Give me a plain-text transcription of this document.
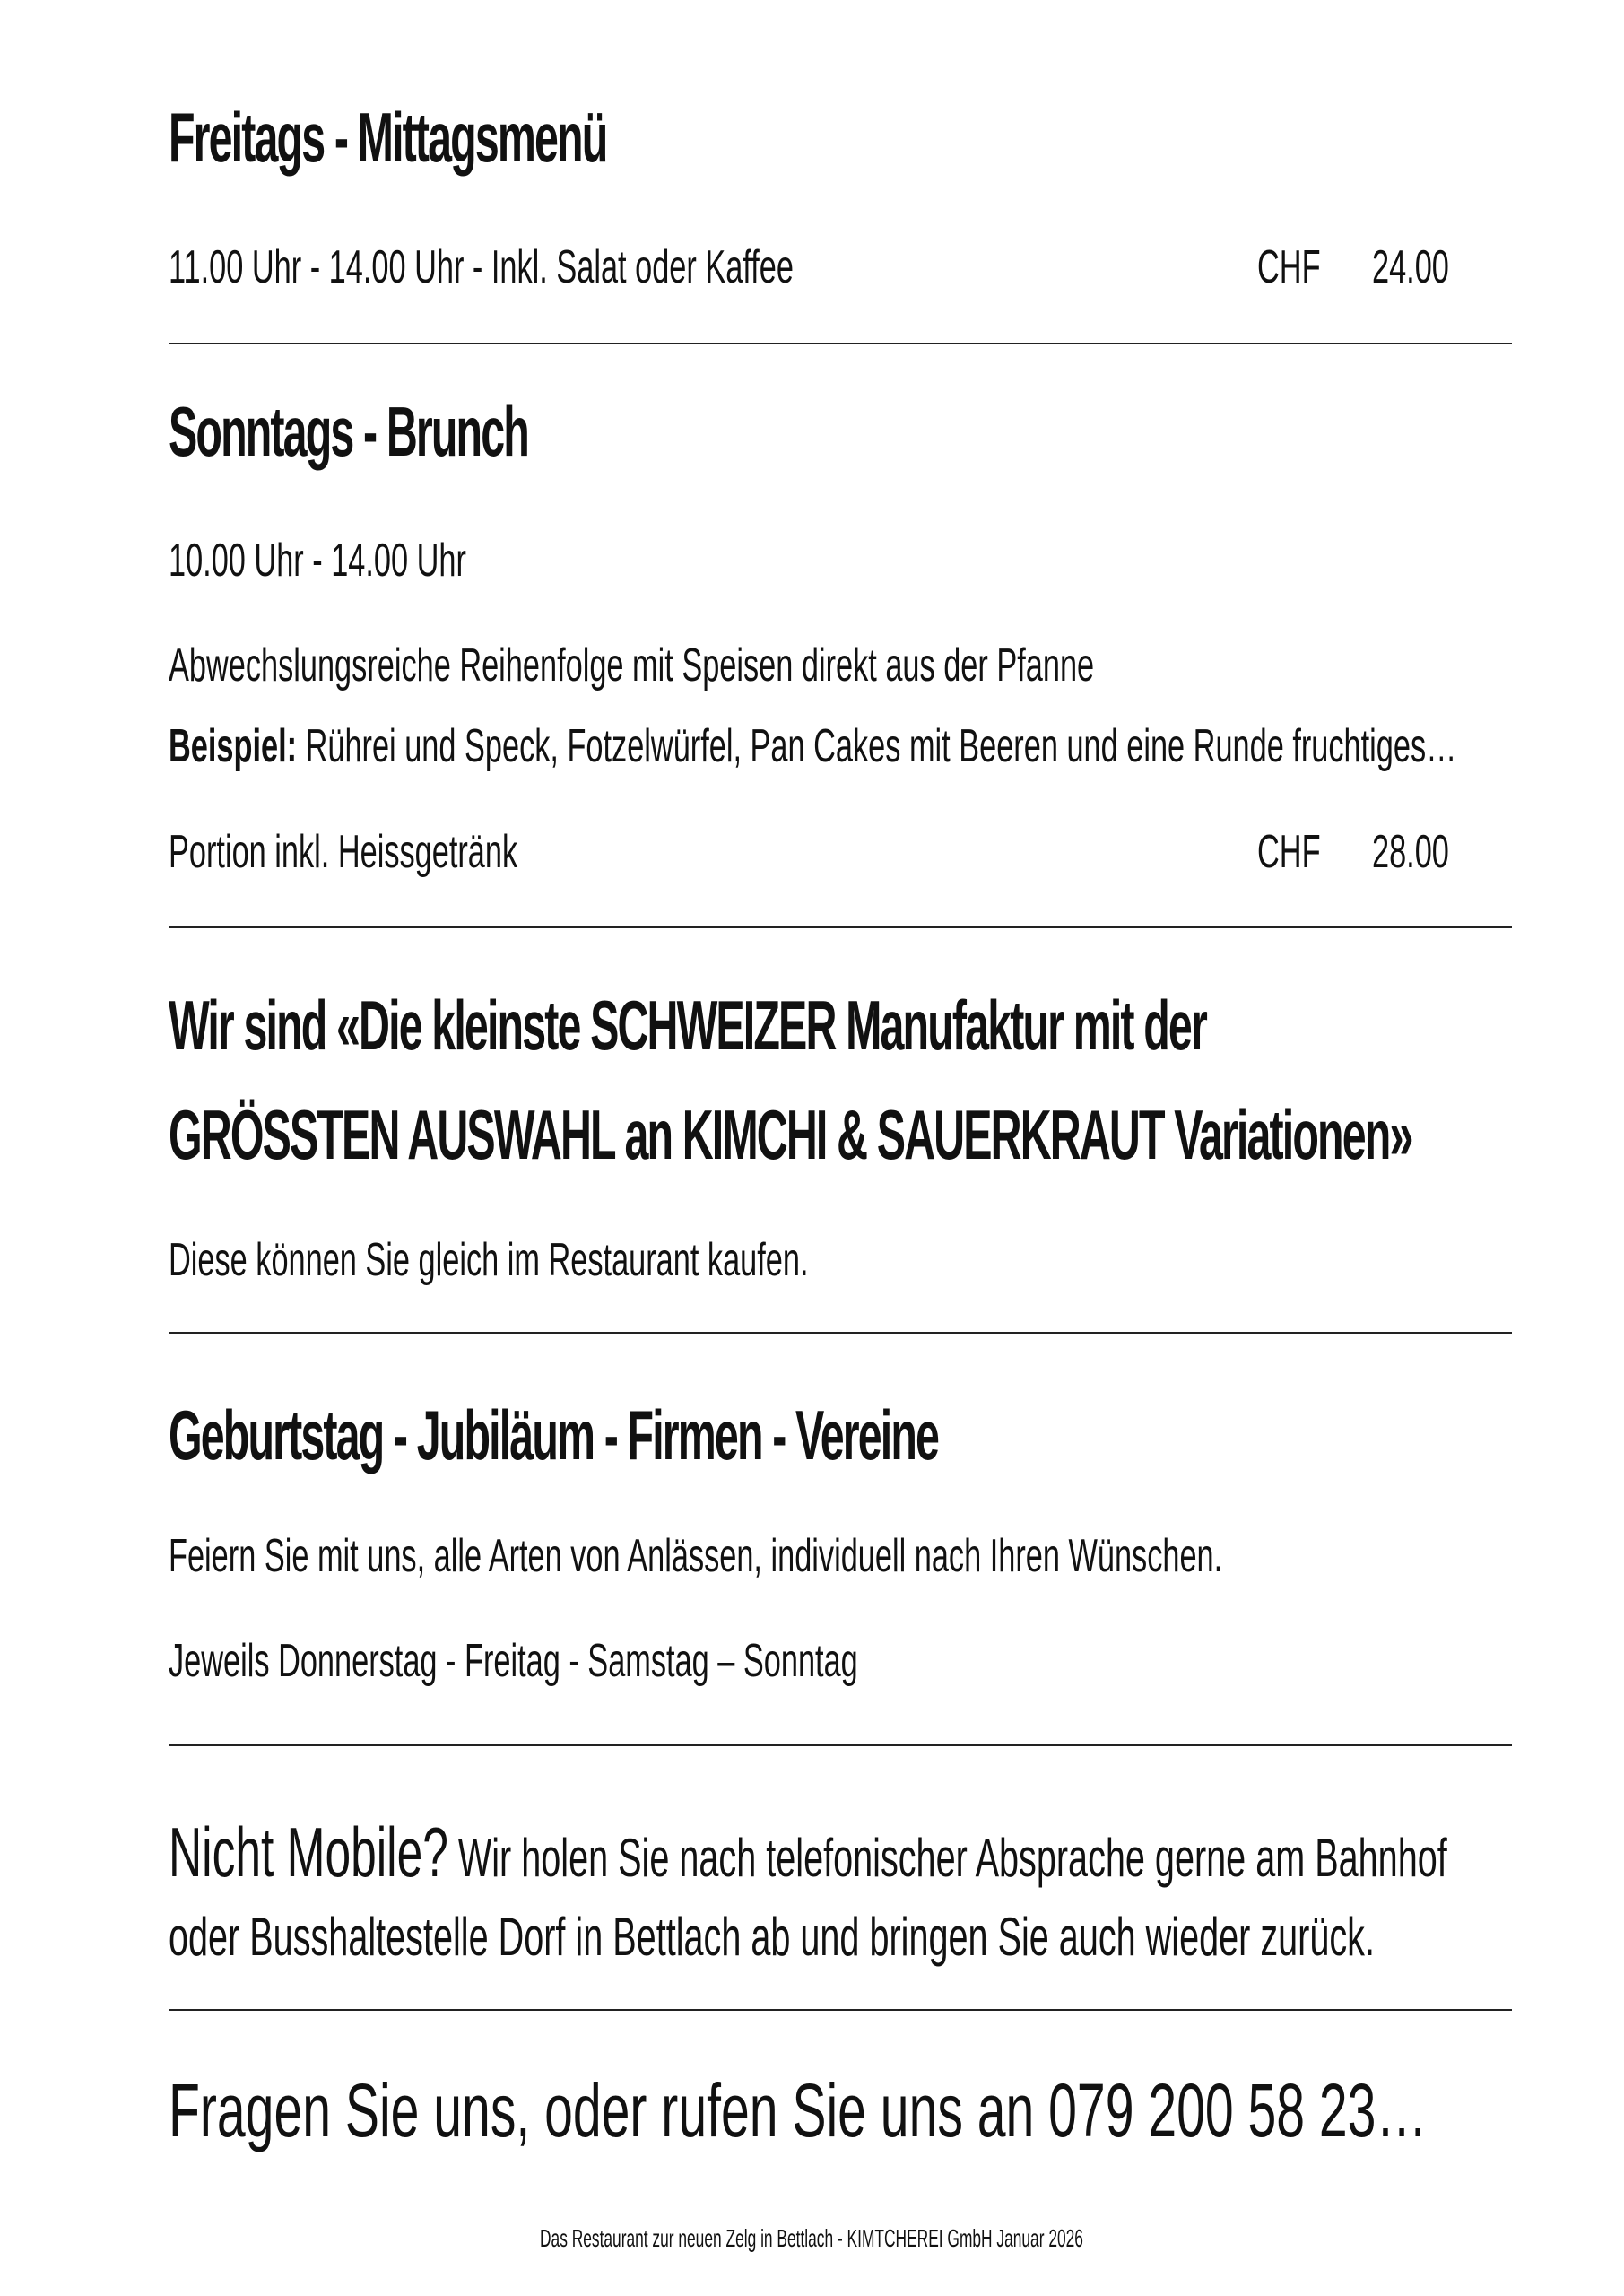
Freitags - Mittagsmenü
11.00 Uhr - 14.00 Uhr - Inkl. Salat oder Kaffee	CHF	24.00
Sonntags - Brunch
10.00 Uhr - 14.00 Uhr
Abwechslungsreiche Reihenfolge mit Speisen direkt aus der Pfanne
Beispiel: Rührei und Speck, Fotzelwürfel, Pan Cakes mit Beeren und eine Runde fruchtiges…
Portion inkl. Heissgetränk	CHF	28.00
Wir sind «Die kleinste SCHWEIZER Manufaktur mit der
GRÖSSTEN AUSWAHL an KIMCHI & SAUERKRAUT Variationen»
Diese können Sie gleich im Restaurant kaufen.
Geburtstag - Jubiläum - Firmen - Vereine
Feiern Sie mit uns, alle Arten von Anlässen, individuell nach Ihren Wünschen.
Jeweils Donnerstag - Freitag - Samstag – Sonntag
Nicht Mobile? Wir holen Sie nach telefonischer Absprache gerne am Bahnhof
oder Busshaltestelle Dorf in Bettlach ab und bringen Sie auch wieder zurück.
Fragen Sie uns, oder rufen Sie uns an 079 200 58 23…
Das Restaurant zur neuen Zelg in Bettlach - KIMTCHEREI GmbH Januar 2026
